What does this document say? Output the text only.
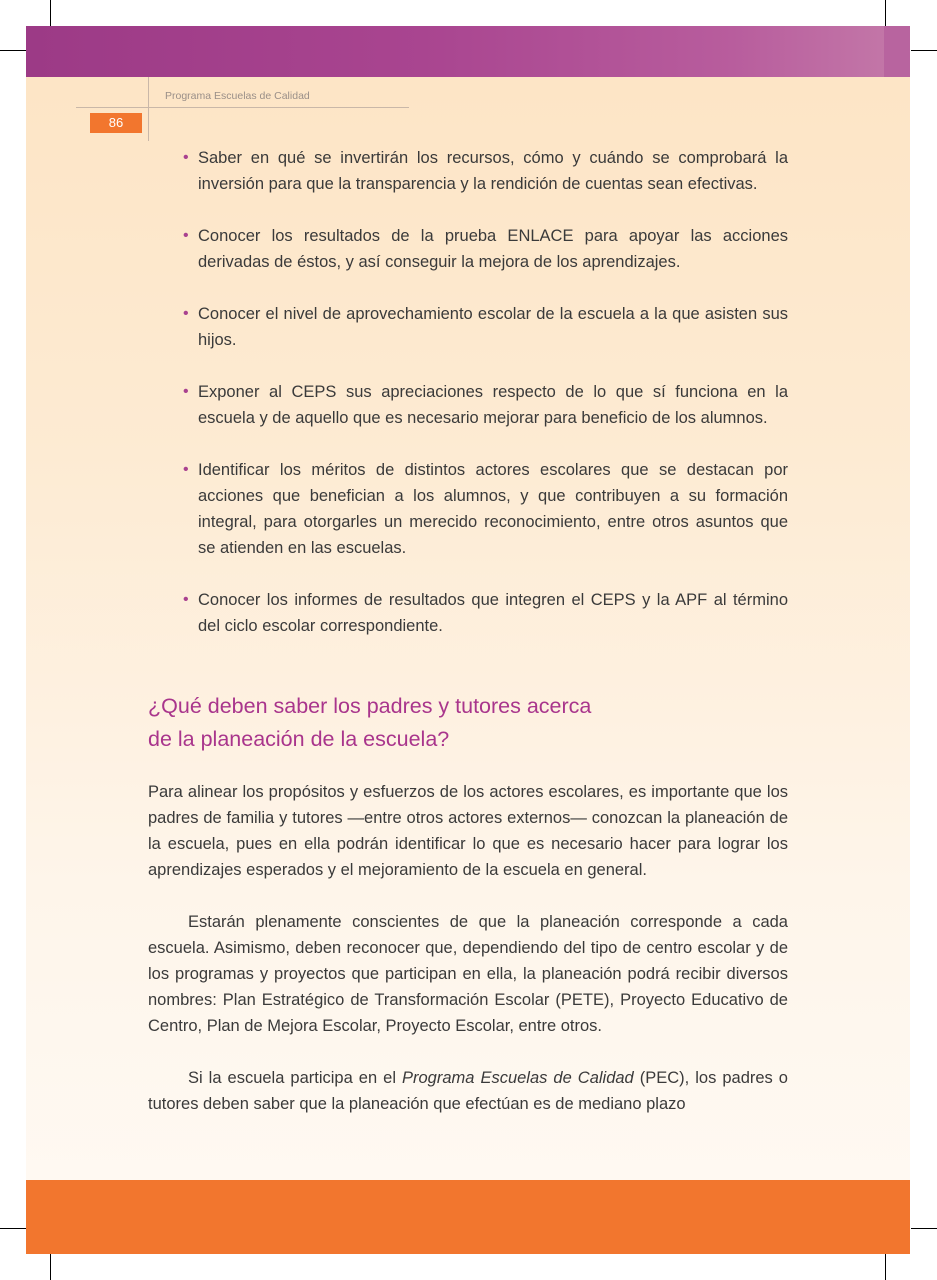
Programa Escuelas de Calidad
86
• Saber en qué se invertirán los recursos, cómo y cuándo se comprobará la inversión para que la transparencia y la rendición de cuentas sean efectivas.
• Conocer los resultados de la prueba ENLACE para apoyar las acciones derivadas de éstos, y así conseguir la mejora de los aprendizajes.
• Conocer el nivel de aprovechamiento escolar de la escuela a la que asisten sus hijos.
• Exponer al CEPS sus apreciaciones respecto de lo que sí funciona en la escuela y de aquello que es necesario mejorar para beneficio de los alumnos.
• Identificar los méritos de distintos actores escolares que se destacan por acciones que benefician a los alumnos, y que contribuyen a su formación integral, para otorgarles un merecido reconocimiento, entre otros asuntos que se atienden en las escuelas.
• Conocer los informes de resultados que integren el CEPS y la APF al término del ciclo escolar correspondiente.
¿Qué deben saber los padres y tutores acerca
de la planeación de la escuela?

Para alinear los propósitos y esfuerzos de los actores escolares, es importante que los padres de familia y tutores —entre otros actores externos— conozcan la planeación de la escuela, pues en ella podrán identificar lo que es necesario hacer para lograr los aprendizajes esperados y el mejoramiento de la escuela en general.

Estarán plenamente conscientes de que la planeación corresponde a cada escuela. Asimismo, deben reconocer que, dependiendo del tipo de centro escolar y de los programas y proyectos que participan en ella, la planeación podrá recibir diversos nombres: Plan Estratégico de Transformación Escolar (PETE), Proyecto Educativo de Centro, Plan de Mejora Escolar, Proyecto Escolar, entre otros.

Si la escuela participa en el Programa Escuelas de Calidad (PEC), los padres o tutores deben saber que la planeación que efectúan es de mediano plazo
